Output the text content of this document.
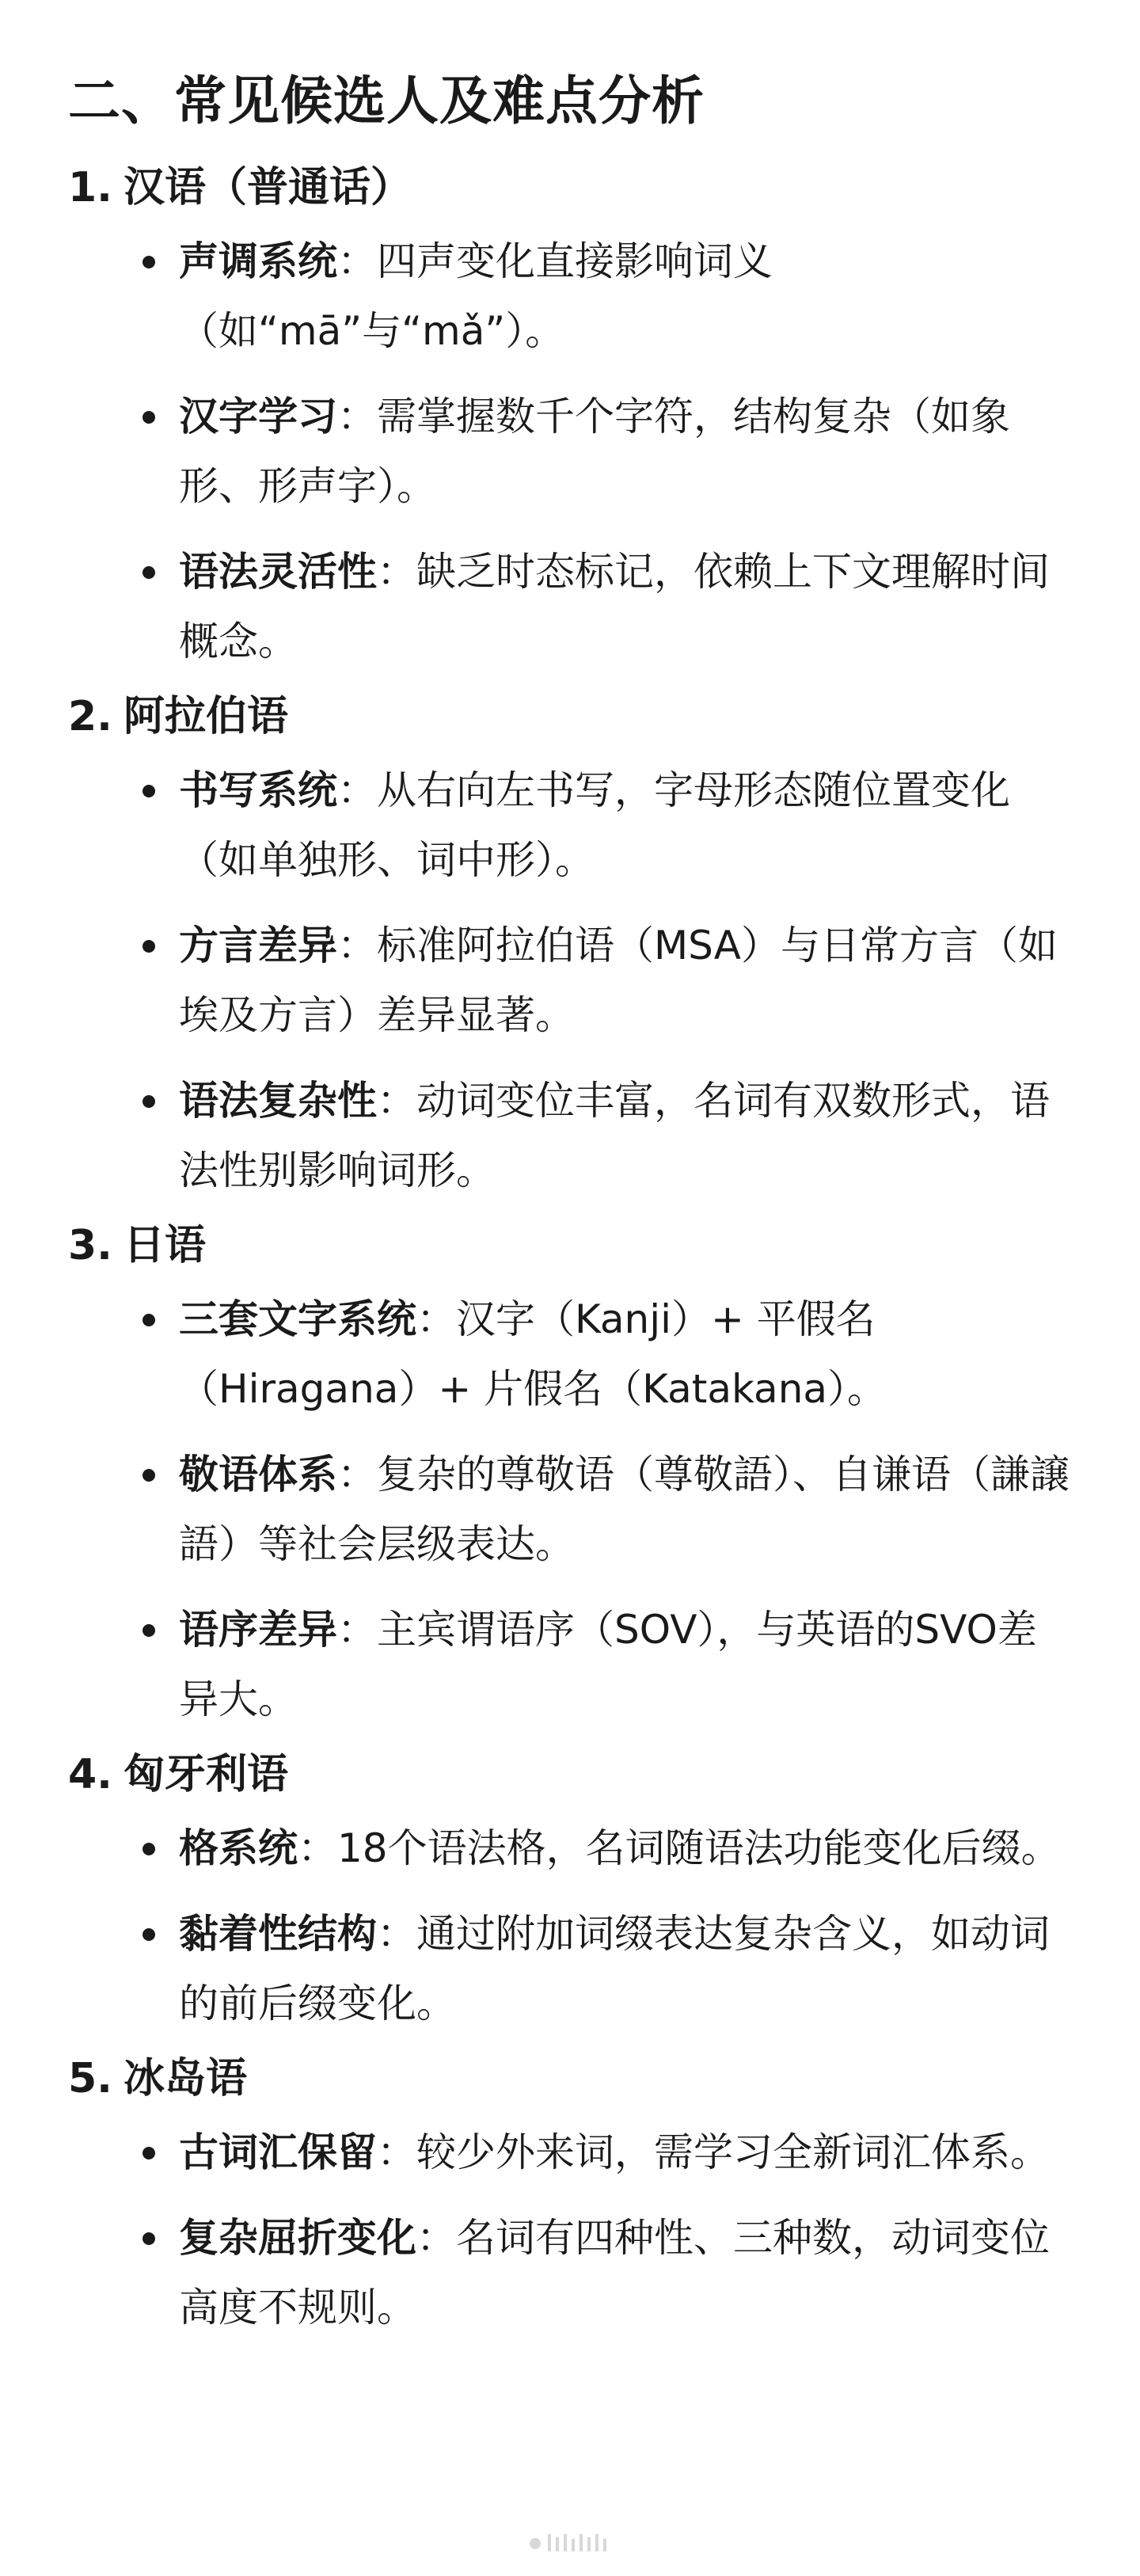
二、常见候选人及难点分析
1. 汉语（普通话）
声调系统：四声变化直接影响词义（如“mā”与“mǎ”）。
汉字学习：需掌握数千个字符，结构复杂（如象形、形声字）。
语法灵活性：缺乏时态标记，依赖上下文理解时间概念。
2. 阿拉伯语
书写系统：从右向左书写，字母形态随位置变化（如单独形、词中形）。
方言差异：标准阿拉伯语（MSA）与日常方言（如埃及方言）差异显著。
语法复杂性：动词变位丰富，名词有双数形式，语法性别影响词形。
3. 日语
三套文字系统：汉字（Kanji）+ 平假名（Hiragana）+ 片假名（Katakana）。
敬语体系：复杂的尊敬语（尊敬語）、自谦语（謙譲語）等社会层级表达。
语序差异：主宾谓语序（SOV），与英语的SVO差异大。
4. 匈牙利语
格系统：18个语法格，名词随语法功能变化后缀。
黏着性结构：通过附加词缀表达复杂含义，如动词的前后缀变化。
5. 冰岛语
古词汇保留：较少外来词，需学习全新词汇体系。
复杂屈折变化：名词有四种性、三种数，动词变位高度不规则。
